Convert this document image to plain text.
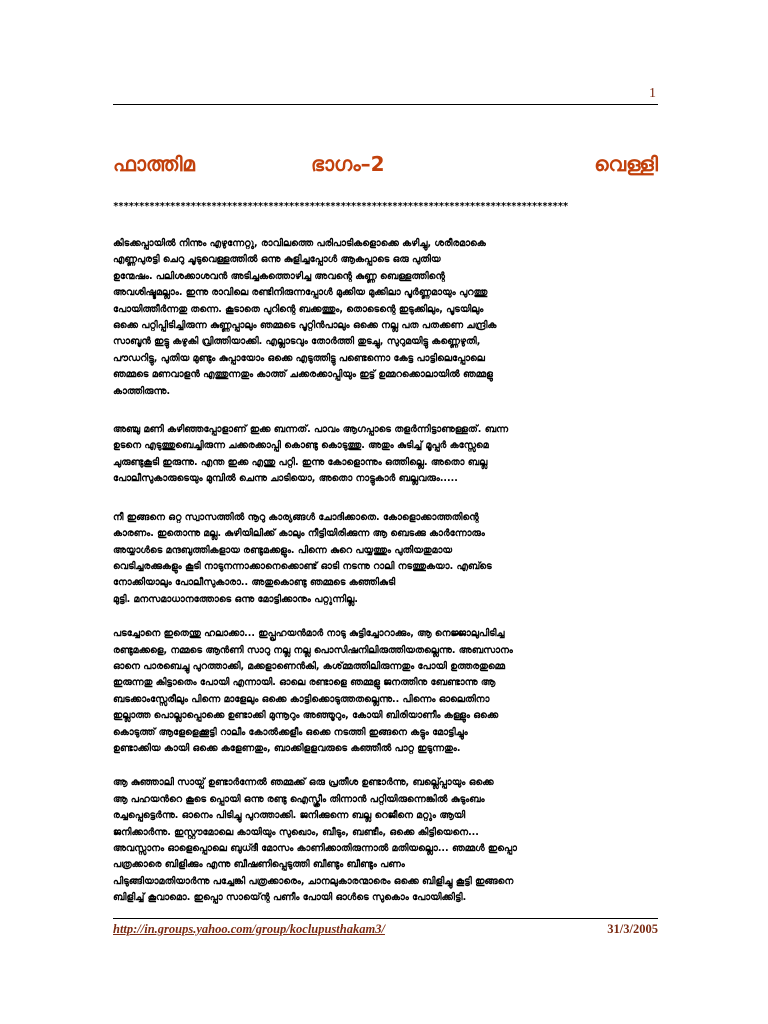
1
ഫാത്തിമ	ഭാഗം–2	വെള്ളി
****************************************************************************************

കിടക്കപ്പായിൽ നിന്നും എഴുന്നേറ്റു, രാവിലത്തെ പരിപാടികളൊക്കെ കഴിച്ചു, ശരീരമാകെ
എണ്ണപുരട്ടി ചെറു ചൂടുവെള്ളത്തിൽ ഒന്നു കുളിച്ചപ്പോൾ ആകപ്പാടെ ഒരു പുതിയ
ഉന്മേഷം. പലിശക്കാശവൻ അടിച്ചകത്തൊഴിച്ച അവന്റെ കുണ്ണ ബെള്ളത്തിന്റെ
അവശിഷ്ടമല്ലാം. ഇന്നു രാവിലെ രണ്ടിനിരുന്നപ്പോൾ മുക്കിയ മുക്കിലാ പൂർണ്ണമായും പുറത്തു
പോയിത്തീർന്നതു തന്നെ. കൂടാതെ പുറിന്റെ ബക്കത്തും, തൊടെന്റെ ഇടുക്കിലും, പൂടയിലും
ഒക്കെ പറ്റിപ്പിടിച്ചിരുന്ന കുണ്ണപ്പാലും ഞമ്മടെ പൂറ്റിൻപാലും ഒക്കെ നല്ല പത പതക്കണ ചന്ദ്രിക
സാബൂൻ ഇട്ടു കഴുകി വ്രിത്തിയാക്കി. എല്ലാടവും തോർത്തി തുടച്ചു, സുറുമയിട്ടു കണ്ണെഴുതി,
പൗഡറിട്ടു, പുതിയ മുണ്ടും കുപ്പായോം ഒക്കെ എടുത്തിട്ടു പണ്ടെന്നൊ കേട്ട പാട്ടിലെപ്പോലെ
ഞമ്മടെ മണവാളൻ എത്തുന്നതും കാത്ത് ചക്കരക്കാപ്പിയും ഇട്ട് ഉമ്മറക്കൊലായിൽ ഞമ്മളു
കാത്തിരുന്നു.

അഞ്ചു മണി കഴിഞ്ഞപ്പോളാണ് ഇക്ക ബന്നത്. പാവം ആഗപ്പാടെ തളർന്നിട്ടാണുള്ളത്. ബന്ന
ഉടനെ എടുത്തുബെച്ചിരുന്ന ചക്കരക്കാപ്പി കൊണ്ടു കൊടുത്തു. അതും കുടിച്ച് മൂപ്പർ കസ്സേമെ
ചുരുണ്ടുകൂടി ഇരുന്നു. എന്ത ഇക്ക എന്തു പറ്റി. ഇന്നു കോളൊന്നും ഒത്തില്ലെ. അതൊ ബല്ല
പോലീസുകാരുടെയും മുമ്പിൽ ചെന്നു ചാടിയൊ, അതൊ നാട്ടുകാർ ബല്ലവരും.....

നീ ഇങ്ങനെ ഒറ്റ സ്വാസത്തിൽ നൂറു കാര്യങ്ങൾ ചോദിക്കാതെ. കോളൊക്കാത്തതിന്റെ
കാരണം. ഇതൊന്നു മല്ല. കുഴിയിലിക്ക് കാലും നീട്ടിയിരിക്കുന്ന ആ ബെടക്കു കാർന്നോരും
അയ്യാൾടെ മന്ദബുത്തികളായ രണ്ടുമക്കളും. പിന്നെ കുറെ പയ്യത്തും പുതിയതുമായ
വെടിച്ചരക്കുകളും കൂടി നാടുനന്നാക്കാനെക്കൊണ്ട് ഓടി നടന്നു റാലി നടത്തുകയാ. എബ്ടെ
നോക്കിയാലും പോലീസുകാരാ.. അതുകൊണ്ടു ഞമ്മടെ കഞ്ഞികുടി
മുട്ടി. മനസമാധാനത്തോടെ ഒന്നു മോട്ടിക്കാനും പറ്റുന്നില്ല.

പടച്ചോനെ ഇതെന്തു ഹലാക്കാ... ഇപ്പ്രഹയൻമാർ നാടു കുട്ടിച്ചോറാക്കും, ആ നെജ്ജാലുപിടിച്ച
രണ്ടുമക്കളെ, നമ്മടെ ആൻണി സാറു നല്ല നല്ല പൊസിഷനിലിരുത്തിയതല്ലെന്നു. അബസാനം
ഓനെ പാരബെച്ചു പുറത്താക്കി, മക്കളാണെൻകി, കശ്മ്മത്തിലിരുന്നതും പോയി ഉത്തരതുമ്മെ
ഇരുന്നതു കിട്ടാതെം പോയി എന്നായി. ഓലെ രണ്ടാളെ ഞമ്മളു ജനത്തിനു ബേണ്ടാന്നു ആ
ബടക്കാംസ്സേരീലും പിന്നെ മാളേലും ഒക്കെ കാട്ടിക്കൊടുത്തതല്ലെന്നു.. പിന്നെം ഓലെതിനാ
ഇല്ലാത്ത പൊല്ലാപ്പൊക്കെ ഉണ്ടാക്കി മുന്നൂറും അഞ്ഞൂറും, കോയി ബിരിയാണീം കള്ളും ഒക്കെ
കൊടുത്ത് ആളേളെക്കൂട്ടി റാലീം കോൽക്കളീം ഒക്കെ നടത്തി ഇങ്ങനെ കട്ടും മോട്ടിച്ചും
ഉണ്ടാക്കിയ കായി ഒക്കെ കളേണതും, ബാക്കിളളവരുടെ കഞ്ഞീൽ പാറ്റ ഇടുന്നതും.

ആ കുഞ്ഞാലി സായ്പ് ഉണ്ടാർന്നേൽ ഞമ്മക്ക് ഒരു പ്രതീശ ഉണ്ടാർന്നു, ബല്ല്പ്പൊയും ഒക്കെ
ആ പഹയൻറെ കൂടെ പ്പൊയി ഒന്നു രണ്ടു ഐസ്ക്രീം തിന്നാൻ പറ്റിയിരുന്നെങ്കിൽ കുടുംബം
രച്ചപ്പെട്ടെർന്നു. ഓനെം പിടിച്ചു പുറത്താക്കി. ജനിക്കുന്നെ ബല്ല റെജീനെ മറ്റും ആയി
ജനിക്കാർന്നു. ഇസ്റ്റൗമോലെ കായിയും സുഖൊം, ബീടും, ബണ്ടീം, ഒക്കെ കിട്ടിയെനെ...
അവസ്സാനം ഓളെപ്പൊലെ ബുധ്ദീ മോസം കാണിക്കാതിരുന്നാൽ മതിയല്ലൊ... ഞമ്മൾ ഇപ്പൊ
പത്രക്കാരെ ബിളിക്കും എന്നു ബീഷണിപ്പെടുത്തി ബീണ്ടും ബീണ്ടും പണം
പിടുങ്ങിയാമതിയാർന്നു പച്ചേങ്കി പത്രക്കാരെം, ചാനലുകാരന്മാരെം ഒക്കെ ബിളിച്ചു കൂട്ടി ഇങ്ങനെ
ബിളിച്ച് കൂവാമൊ. ഇപ്പൊ സായ്ന്റെ പണീം പോയി ഓൾടെ സുകൊം പോയിക്കിട്ടി.

http://in.groups.yahoo.com/group/koclupusthakam3/	31/3/2005
